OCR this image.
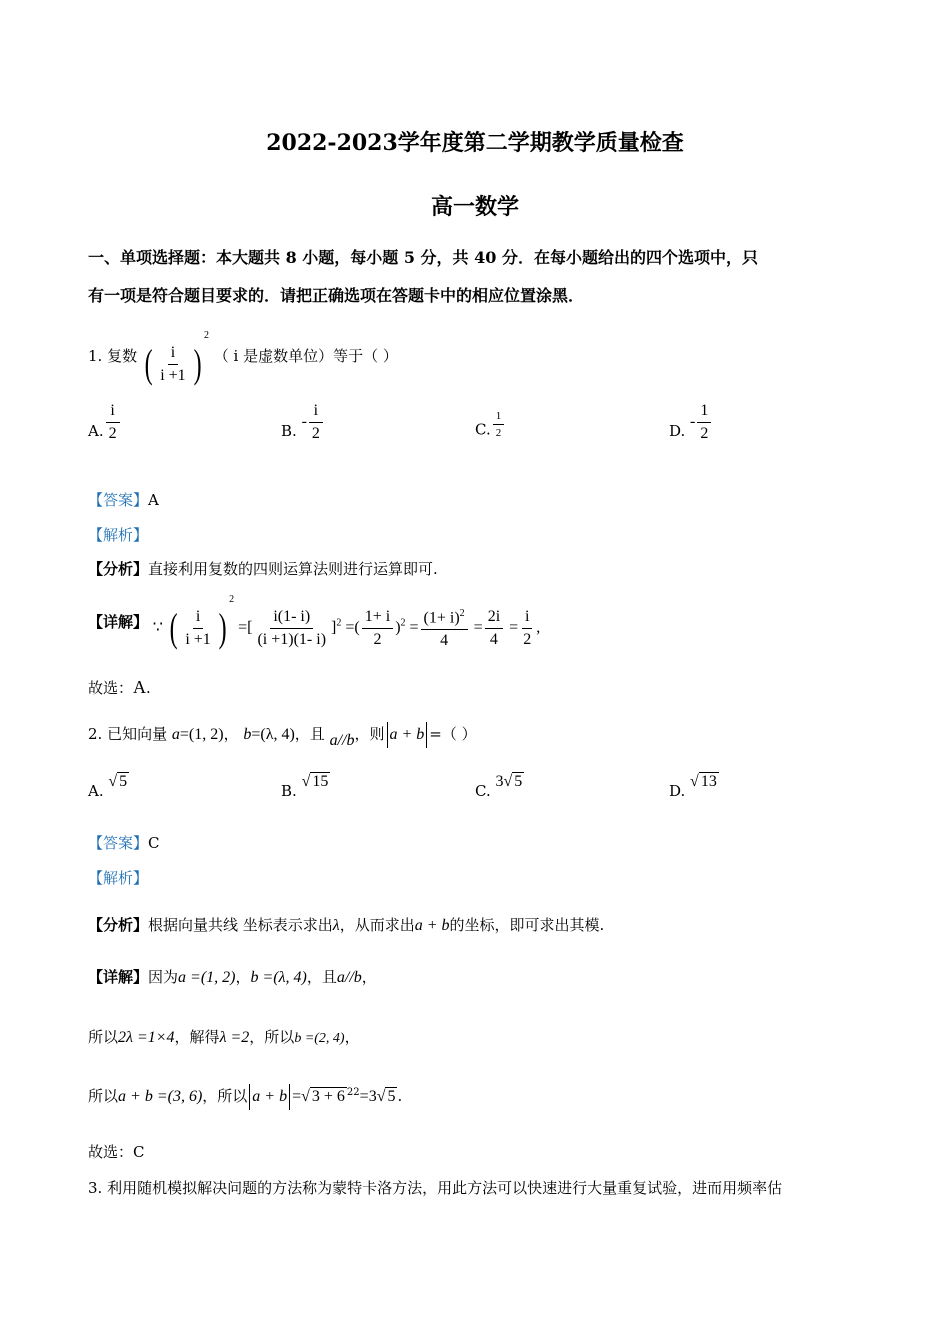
2022-2023学年度第二学期教学质量检查
高一数学
一、单项选择题：本大题共 8 小题，每小题 5 分，共 40 分．在每小题给出的四个选项中，只
有一项是符合题目要求的．请把正确选项在答题卡中的相应位置涂黑．
1. 复数 ( $\frac{i}{i +1} )^2$ （ i 是虚数单位）等于（ ）
A. $\frac{i}{2}$	B. - $\frac{i}{2}$	C. $\frac{1}{2}$	D. - $\frac{1}{2}$
【答案】A
【解析】
【分析】直接利用复数的四则运算法则进行运算即可.
【详解】 ∵ ( $\frac{i}{i +1} )^2$ =[ $\frac{i(1- i)}{(i +1)(1- i)} ]^2$ =( $\frac{1+ i}{2} )^2 = \frac{(1+ i)^2}{4} = \frac{2i}{4} = \frac{i}{2}$ ,
故选：A.
2. 已知向量 a=(1, 2)， b=(λ, 4)，且 a//b，则 a + b =（ ）
A. √ 5
B. √ 15
C. 3√ 5
D. √ 13
【答案】C
【解析】
【分析】根据向量共线 坐标表示求出λ，从而求出a + b的坐标，即可求出其模.
【详解】因为a =(1, 2)，b =(λ, 4)，且a//b，
所以2λ =1×4，解得λ =2，所以b =(2, 4)，
所以a + b =(3, 6)，所以 a + b =√ 3 + 6 $^{22}$=3√ 5 .
故选：C
3. 利用随机模拟解决问题的方法称为蒙特卡洛方法，用此方法可以快速进行大量重复试验，进而用频率估
